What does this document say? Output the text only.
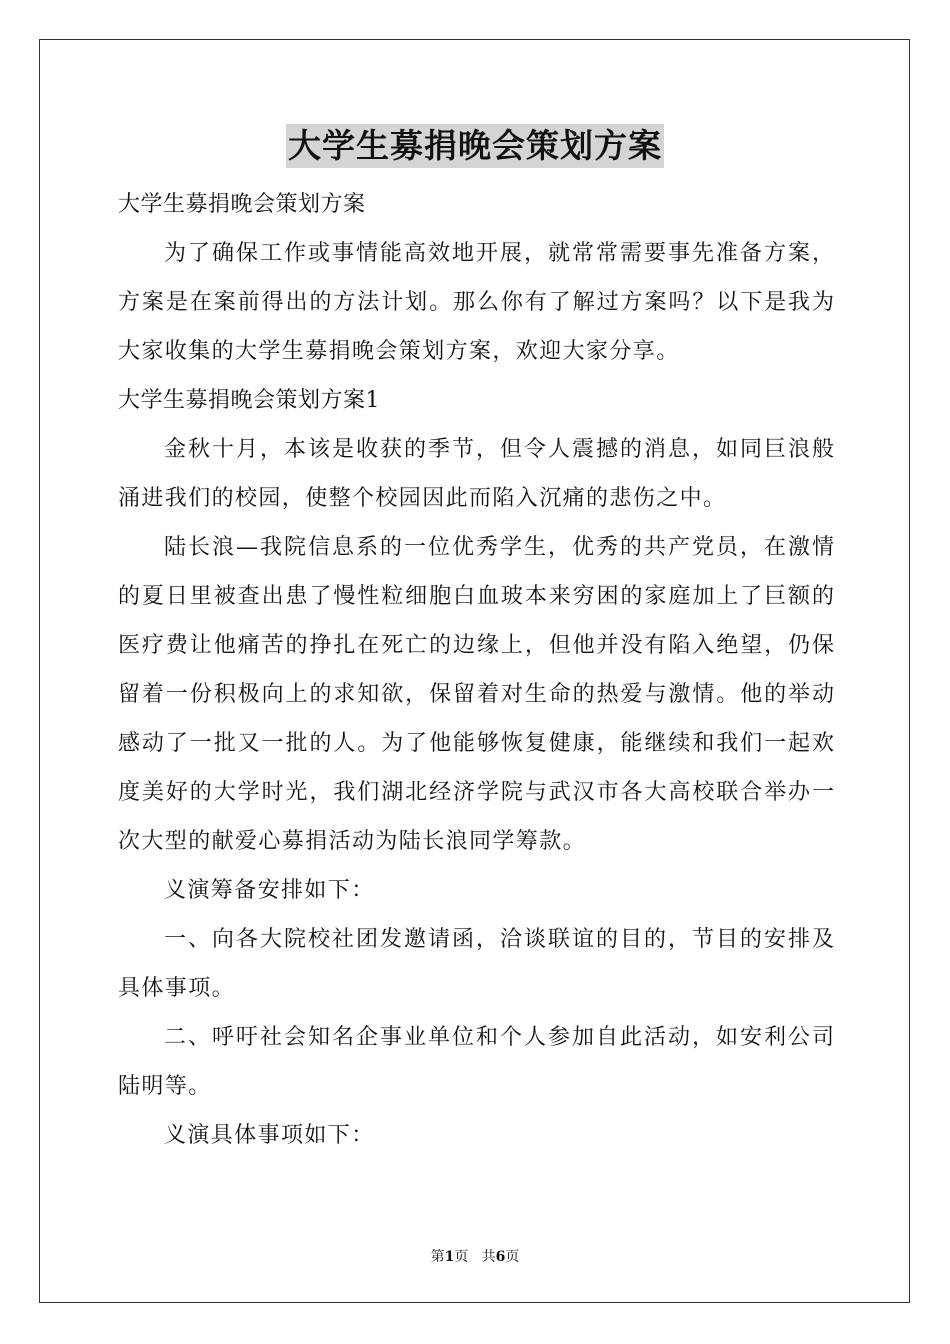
大学生募捐晚会策划方案
大学生募捐晚会策划方案
为了确保工作或事情能高效地开展，就常常需要事先准备方案，
方案是在案前得出的方法计划。那么你有了解过方案吗？以下是我为
大家收集的大学生募捐晚会策划方案，欢迎大家分享。
大学生募捐晚会策划方案1
金秋十月，本该是收获的季节，但令人震撼的消息，如同巨浪般
涌进我们的校园，使整个校园因此而陷入沉痛的悲伤之中。
陆长浪—我院信息系的一位优秀学生，优秀的共产党员，在激情
的夏日里被查出患了慢性粒细胞白血玻本来穷困的家庭加上了巨额的
医疗费让他痛苦的挣扎在死亡的边缘上，但他并没有陷入绝望，仍保
留着一份积极向上的求知欲，保留着对生命的热爱与激情。他的举动
感动了一批又一批的人。为了他能够恢复健康，能继续和我们一起欢
度美好的大学时光，我们湖北经济学院与武汉市各大高校联合举办一
次大型的献爱心募捐活动为陆长浪同学筹款。
义演筹备安排如下：
一、向各大院校社团发邀请函，洽谈联谊的目的，节目的安排及
具体事项。
二、呼吁社会知名企事业单位和个人参加自此活动，如安利公司
陆明等。
义演具体事项如下：
第1页 共6页
